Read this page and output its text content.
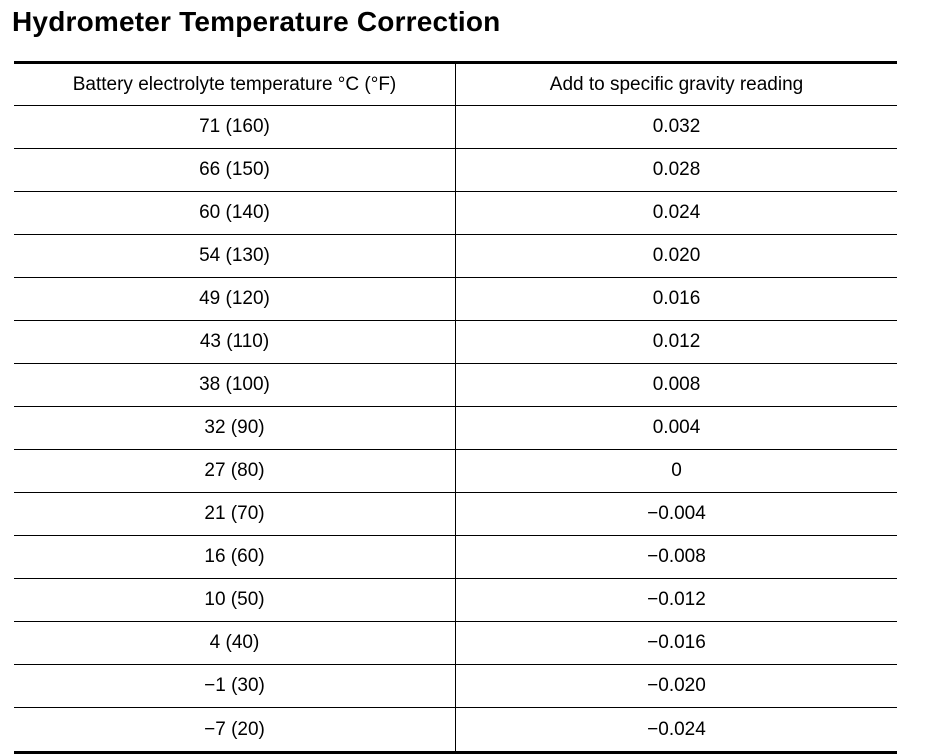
Hydrometer Temperature Correction
Battery electrolyte temperature °C (°F)	Add to specific gravity reading
71 (160)	0.032
66 (150)	0.028
60 (140)	0.024
54 (130)	0.020
49 (120)	0.016
43 (110)	0.012
38 (100)	0.008
32 (90)	0.004
27 (80)	0
21 (70)	−0.004
16 (60)	−0.008
10 (50)	−0.012
4 (40)	−0.016
−1 (30)	−0.020
−7 (20)	−0.024
